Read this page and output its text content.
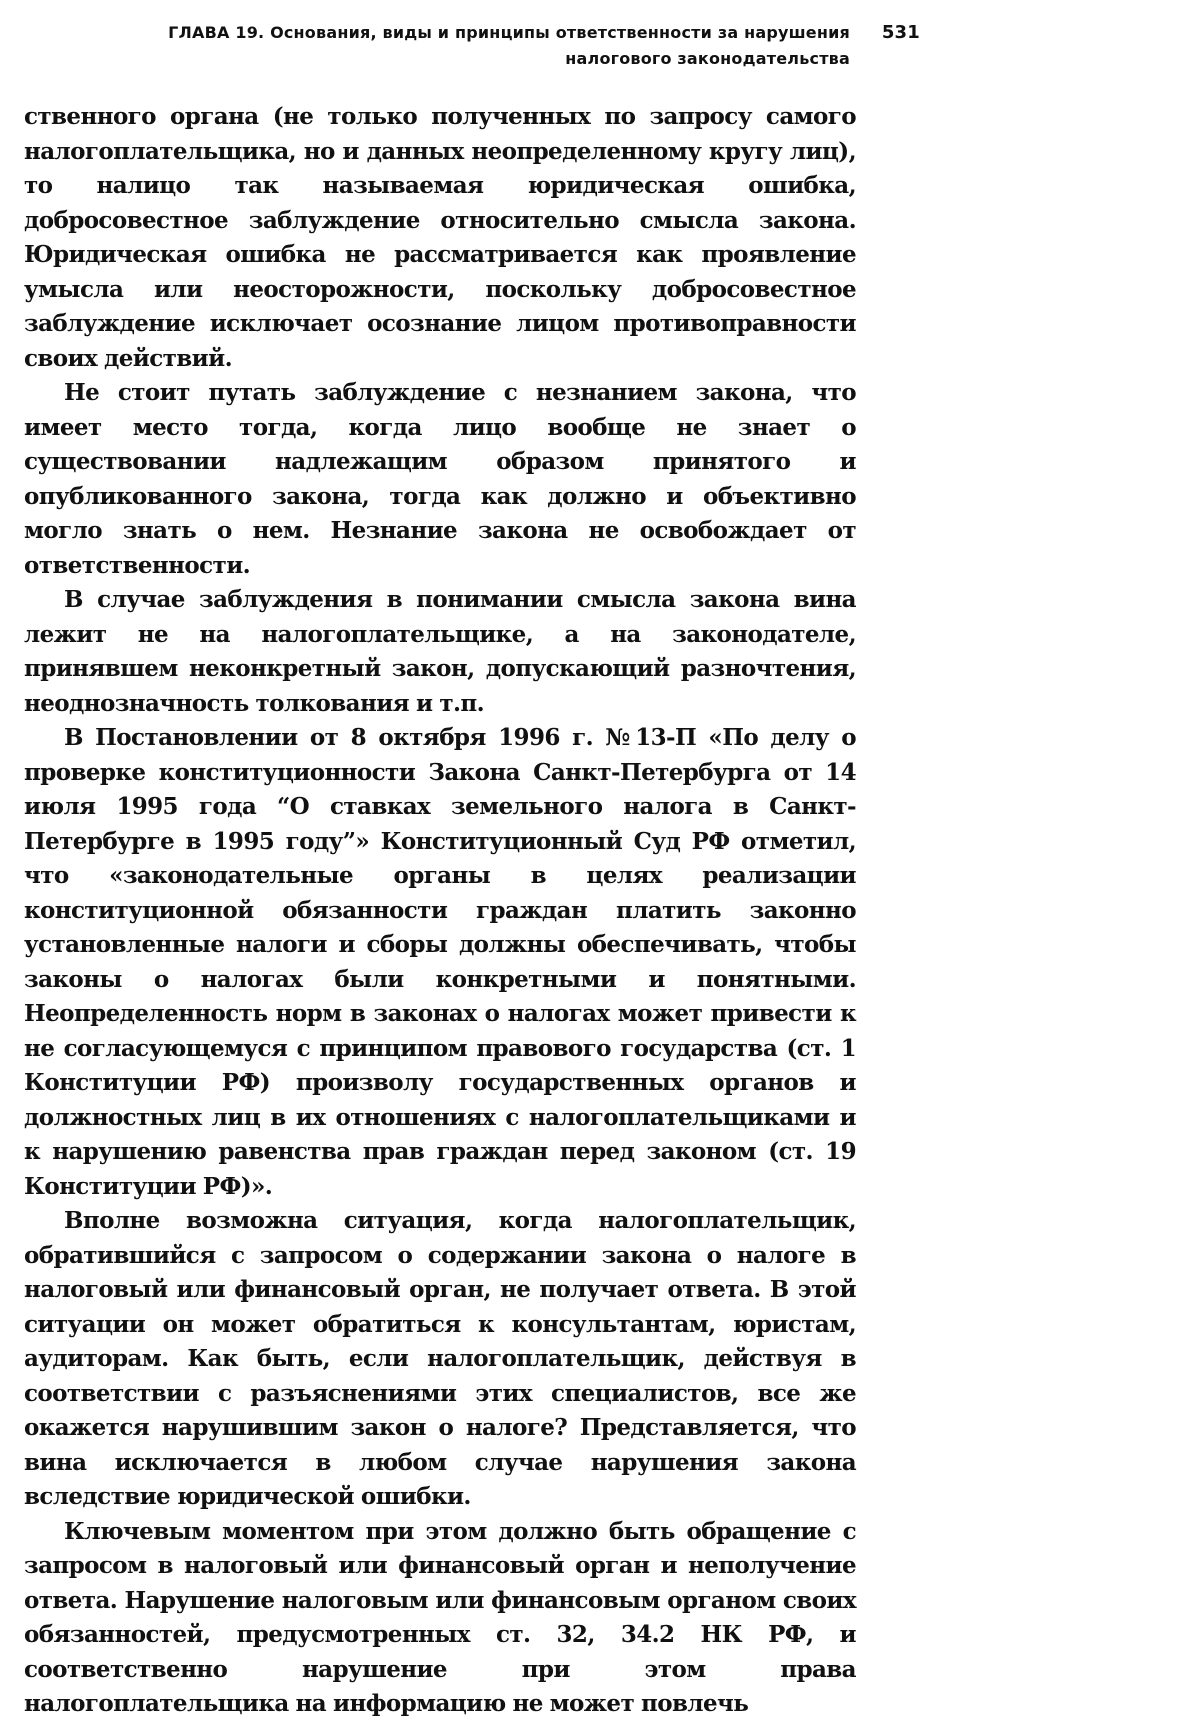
ГЛАВА 19. Основания, виды и принципы ответственности за нарушения
налогового законодательства
531

ственного органа (не только полученных по запросу самого налогоплательщика, но и данных неопределенному кругу лиц), то налицо так называемая юридическая ошибка, добросовестное заблуждение относительно смысла закона. Юридическая ошибка не рассматривается как проявление умысла или неосторожности, поскольку добросовестное заблуждение исключает осознание лицом противоправности своих действий.

Не стоит путать заблуждение с незнанием закона, что имеет место тогда, когда лицо вообще не знает о существовании надлежащим образом принятого и опубликованного закона, тогда как должно и объективно могло знать о нем. Незнание закона не освобождает от ответственности.

В случае заблуждения в понимании смысла закона вина лежит не на налогоплательщике, а на законодателе, принявшем неконкретный закон, допускающий разночтения, неоднозначность толкования и т.п.

В Постановлении от 8 октября 1996 г. №13-П «По делу о проверке конституционности Закона Санкт-Петербурга от 14 июля 1995 года “О ставках земельного налога в Санкт-Петербурге в 1995 году”» Конституционный Суд РФ отметил, что «законодательные органы в целях реализации конституционной обязанности граждан платить законно установленные налоги и сборы должны обеспечивать, чтобы законы о налогах были конкретными и понятными. Неопределенность норм в законах о налогах может привести к не согласующемуся с принципом правового государства (ст. 1 Конституции РФ) произволу государственных органов и должностных лиц в их отношениях с налогоплательщиками и к нарушению равенства прав граждан перед законом (ст. 19 Конституции РФ)».

Вполне возможна ситуация, когда налогоплательщик, обратившийся с запросом о содержании закона о налоге в налоговый или финансовый орган, не получает ответа. В этой ситуации он может обратиться к консультантам, юристам, аудиторам. Как быть, если налогоплательщик, действуя в соответствии с разъяснениями этих специалистов, все же окажется нарушившим закон о налоге? Представляется, что вина исключается в любом случае нарушения закона вследствие юридической ошибки.

Ключевым моментом при этом должно быть обращение с запросом в налоговый или финансовый орган и неполучение ответа. Нарушение налоговым или финансовым органом своих обязанностей, предусмотренных ст. 32, 34.2 НК РФ, и соответственно нарушение при этом права налогоплательщика на информацию не может повлечь
